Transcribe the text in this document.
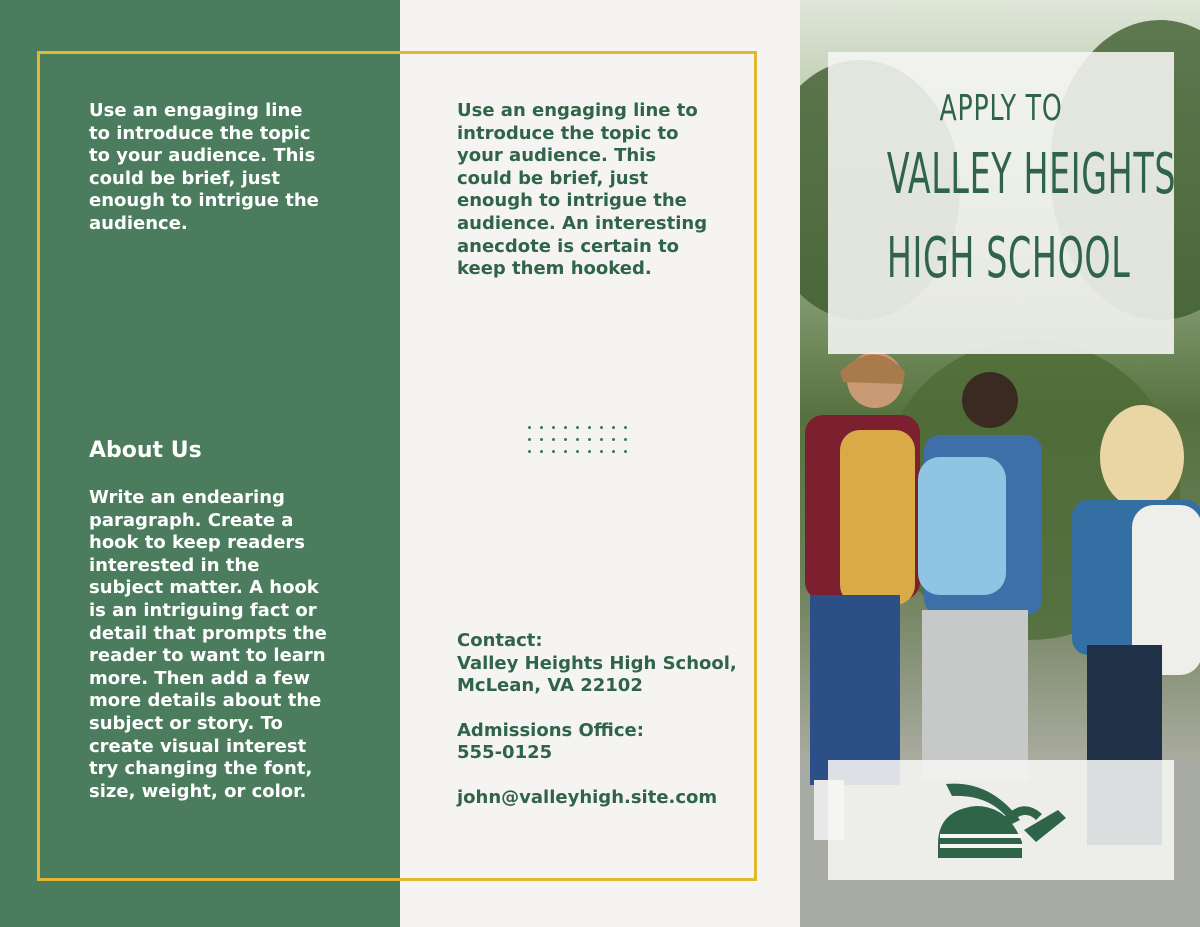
Use an engaging line to introduce the topic to your audience. This could be brief, just enough to intrigue the audience.

About Us

Write an endearing paragraph. Create a hook to keep readers interested in the subject matter. A hook is an intriguing fact or detail that prompts the reader to want to learn more. Then add a few more details about the subject or story. To create visual interest try changing the font, size, weight, or color.

Use an engaging line to introduce the topic to your audience. This could be brief, just enough to intrigue the audience. An interesting anecdote is certain to keep them hooked.

Contact:
Valley Heights High School,
McLean, VA 22102
Admissions Office:
555-0125
john@valleyhigh.site.com
APPLY TO
VALLEY HEIGHTS
HIGH SCHOOL
